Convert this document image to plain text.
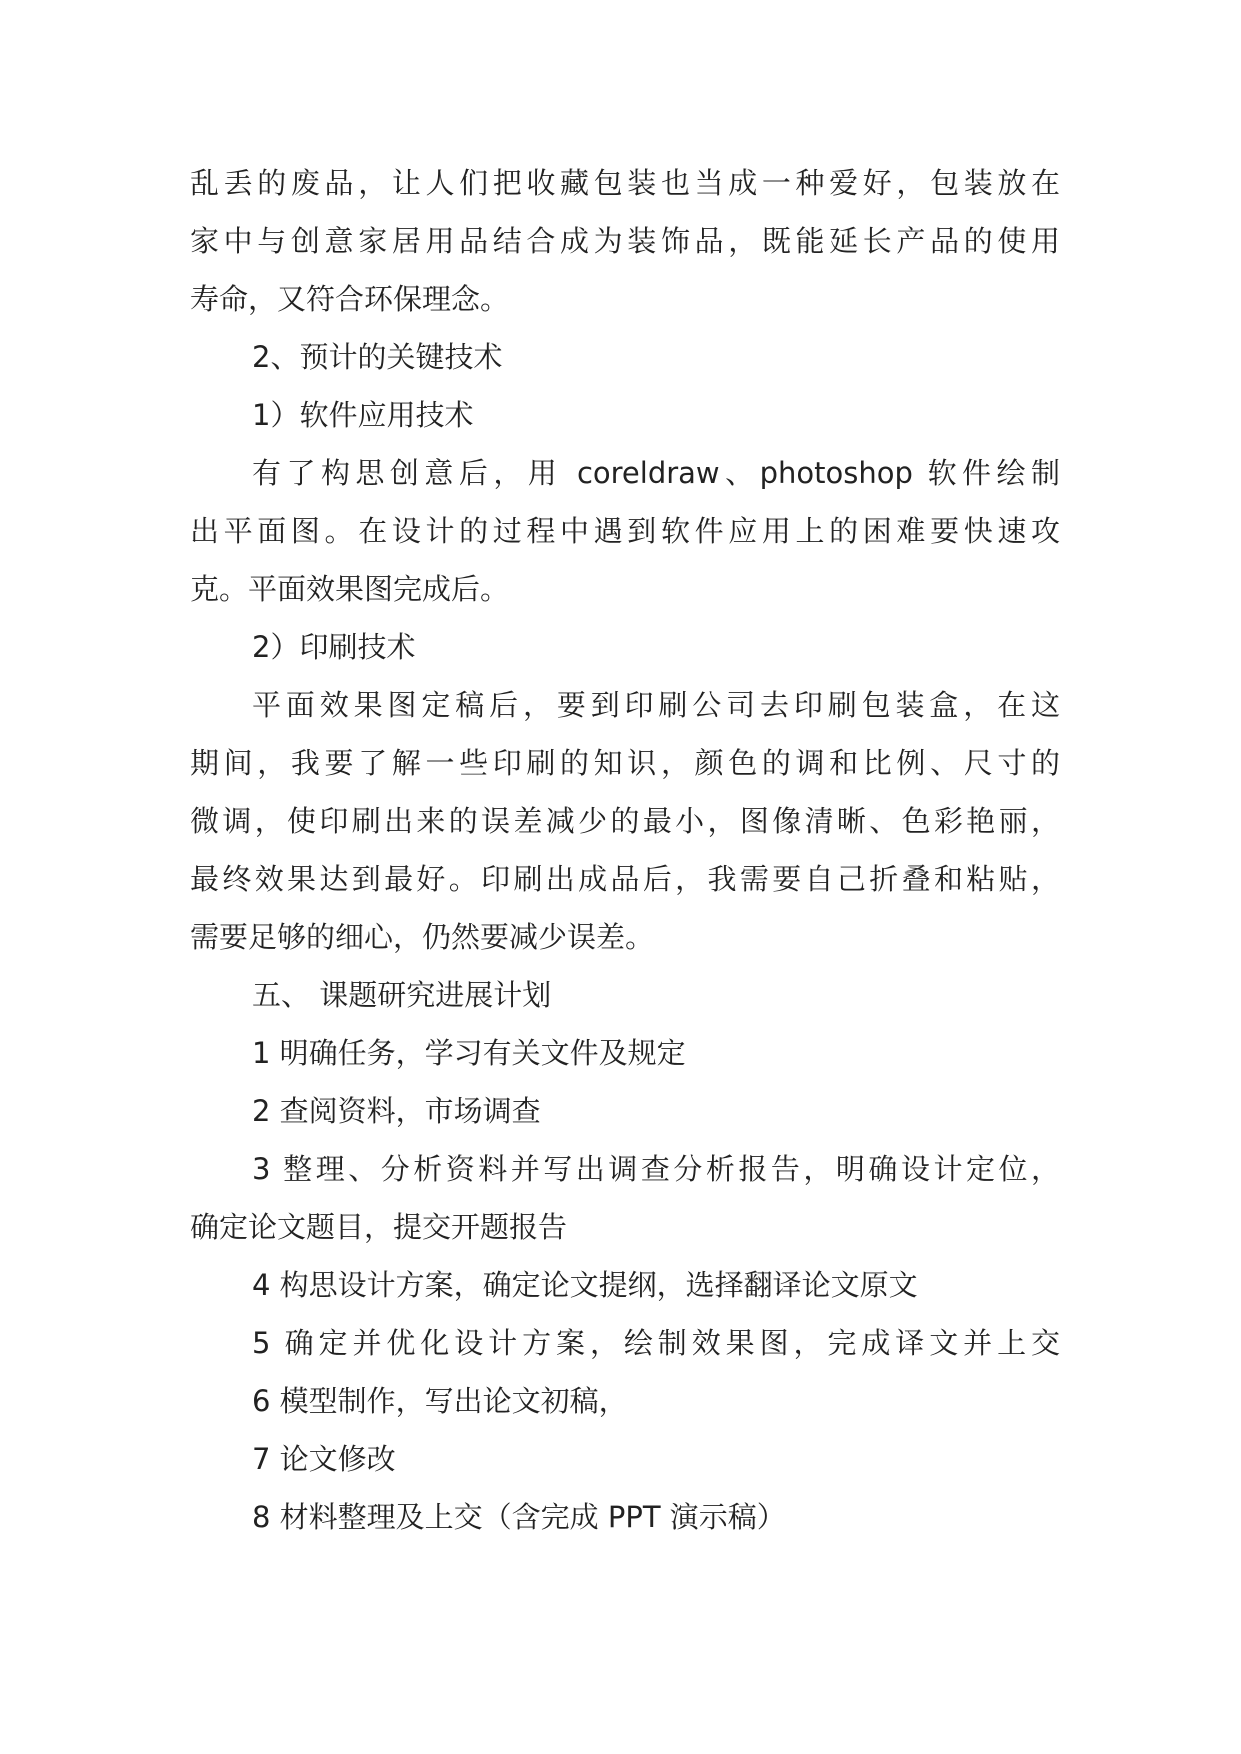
乱丢的废品，让人们把收藏包装也当成一种爱好，包装放在
家中与创意家居用品结合成为装饰品，既能延长产品的使用
寿命，又符合环保理念。
2、预计的关键技术
1）软件应用技术
有了构思创意后，用 coreldraw、photoshop 软件绘制
出平面图。在设计的过程中遇到软件应用上的困难要快速攻
克。平面效果图完成后。
2）印刷技术
平面效果图定稿后，要到印刷公司去印刷包装盒，在这
期间，我要了解一些印刷的知识，颜色的调和比例、尺寸的
微调，使印刷出来的误差减少的最小，图像清晰、色彩艳丽，
最终效果达到最好。印刷出成品后，我需要自己折叠和粘贴，
需要足够的细心，仍然要减少误差。
五、 课题研究进展计划
1 明确任务，学习有关文件及规定
2 查阅资料，市场调查
3 整理、分析资料并写出调查分析报告，明确设计定位，
确定论文题目，提交开题报告
4 构思设计方案，确定论文提纲，选择翻译论文原文
5 确定并优化设计方案，绘制效果图，完成译文并上交
6 模型制作，写出论文初稿，
7 论文修改
8 材料整理及上交（含完成 PPT 演示稿）
